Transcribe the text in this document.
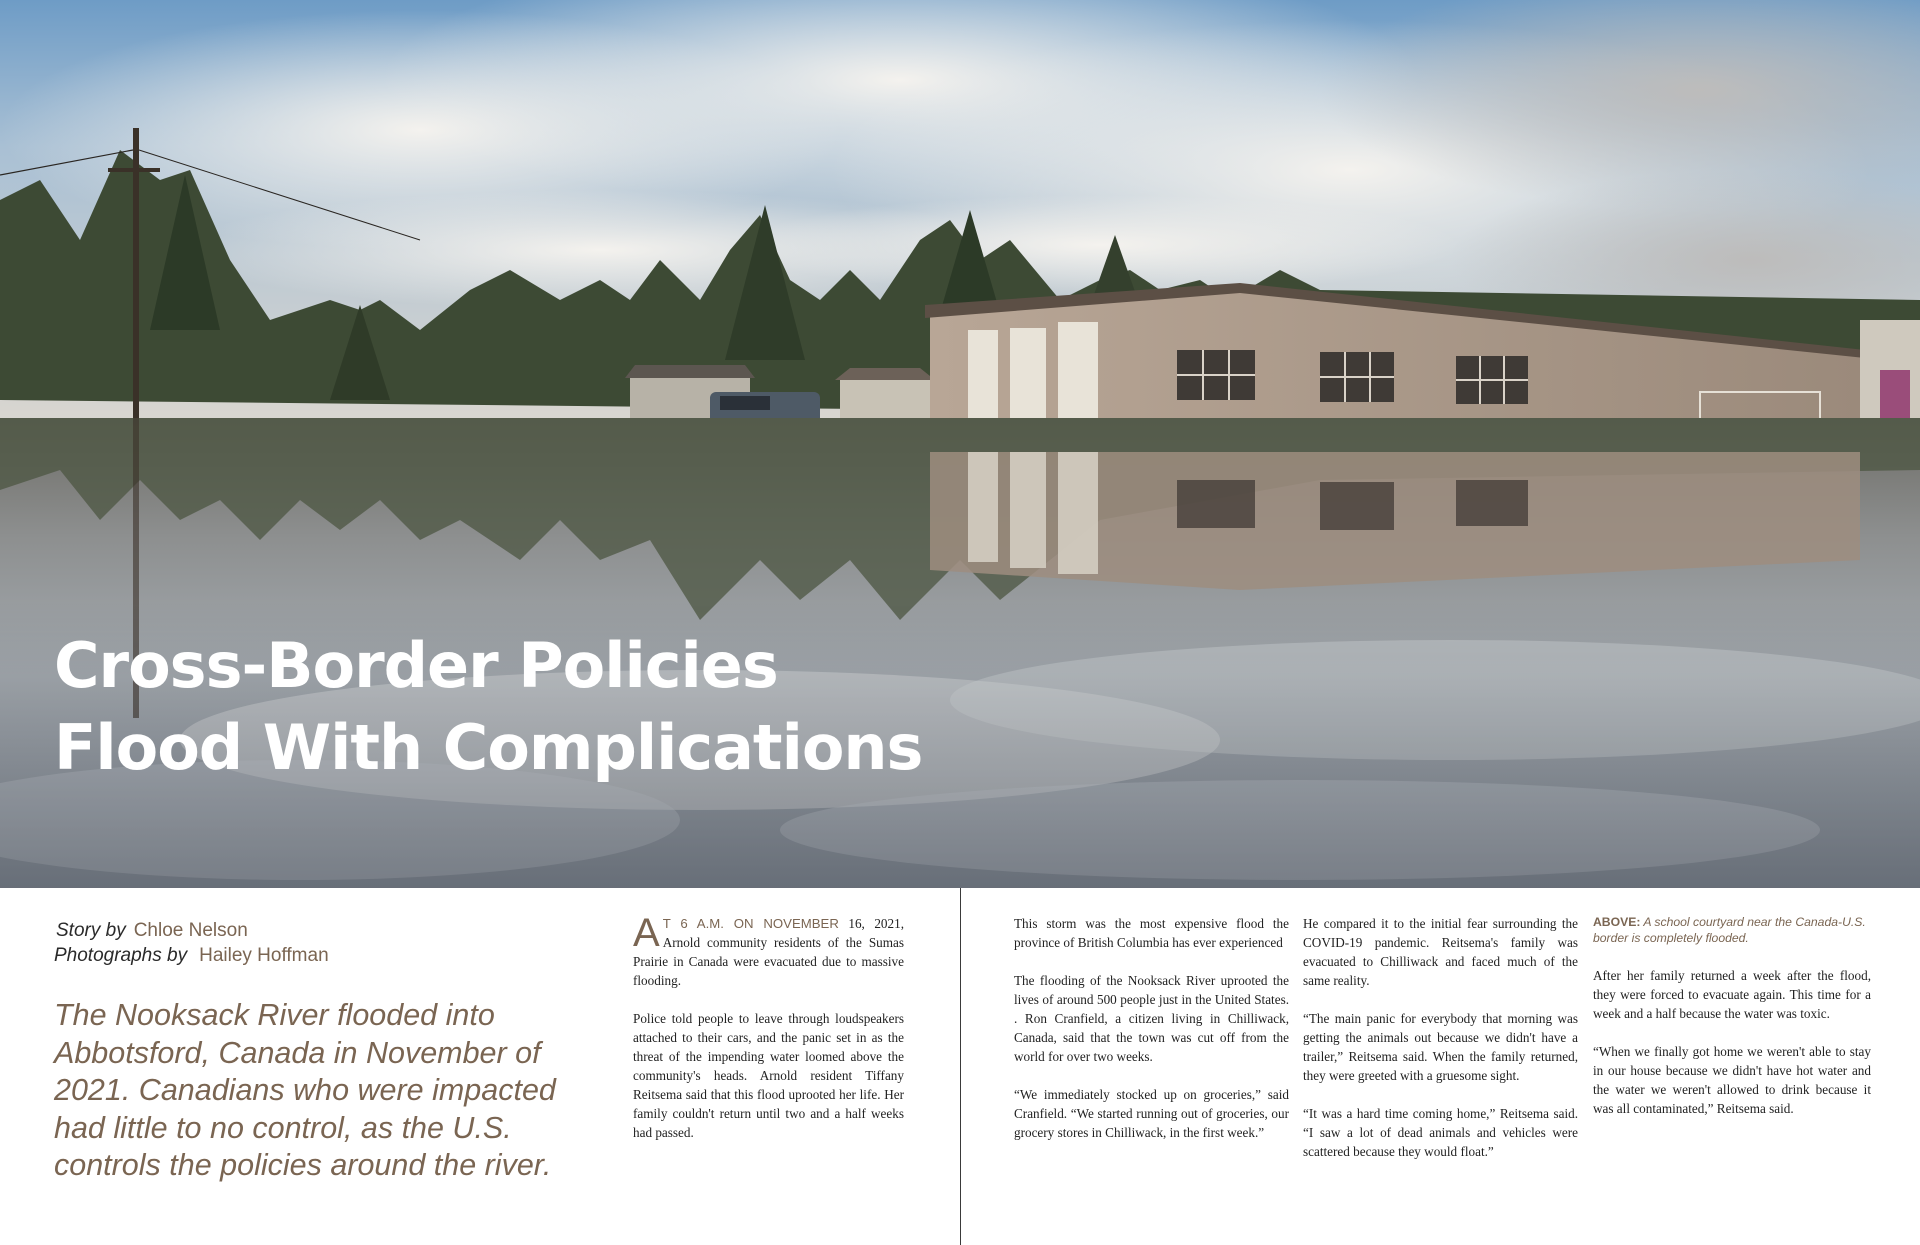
Cross-Border Policies
Flood With Complications
Story by Chloe Nelson
Photographs by Hailey Hoffman

The Nooksack River flooded into Abbotsford, Canada in November of 2021. Canadians who were impacted had little to no control, as the U.S. controls the policies around the river.

A T 6 A.M. ON NOVEMBER 16, 2021, Arnold community residents of the Sumas Prairie in Canada were evacuated due to massive flooding.

Police told people to leave through loudspeakers attached to their cars, and the panic set in as the threat of the impending water loomed above the community's heads. Arnold resident Tiffany Reitsema said that this flood uprooted her life. Her family couldn't return until two and a half weeks had passed.

This storm was the most expensive flood the province of British Columbia has ever experienced

The flooding of the Nooksack River uprooted the lives of around 500 people just in the United States. . Ron Cranfield, a citizen living in Chilliwack, Canada, said that the town was cut off from the world for over two weeks.

“We immediately stocked up on groceries,” said Cranfield. “We started running out of groceries, our grocery stores in Chilliwack, in the first week.”

He compared it to the initial fear surrounding the COVID-19 pandemic. Reitsema's family was evacuated to Chilliwack and faced much of the same reality.

“The main panic for everybody that morning was getting the animals out because we didn't have a trailer,” Reitsema said. When the family returned, they were greeted with a gruesome sight.

“It was a hard time coming home,” Reitsema said. “I saw a lot of dead animals and vehicles were scattered because they would float.”

ABOVE: A school courtyard near the Canada-U.S. border is completely flooded.

After her family returned a week after the flood, they were forced to evacuate again. This time for a week and a half because the water was toxic.

“When we finally got home we weren't able to stay in our house because we didn't have hot water and the water we weren't allowed to drink because it was all contaminated,” Reitsema said.
